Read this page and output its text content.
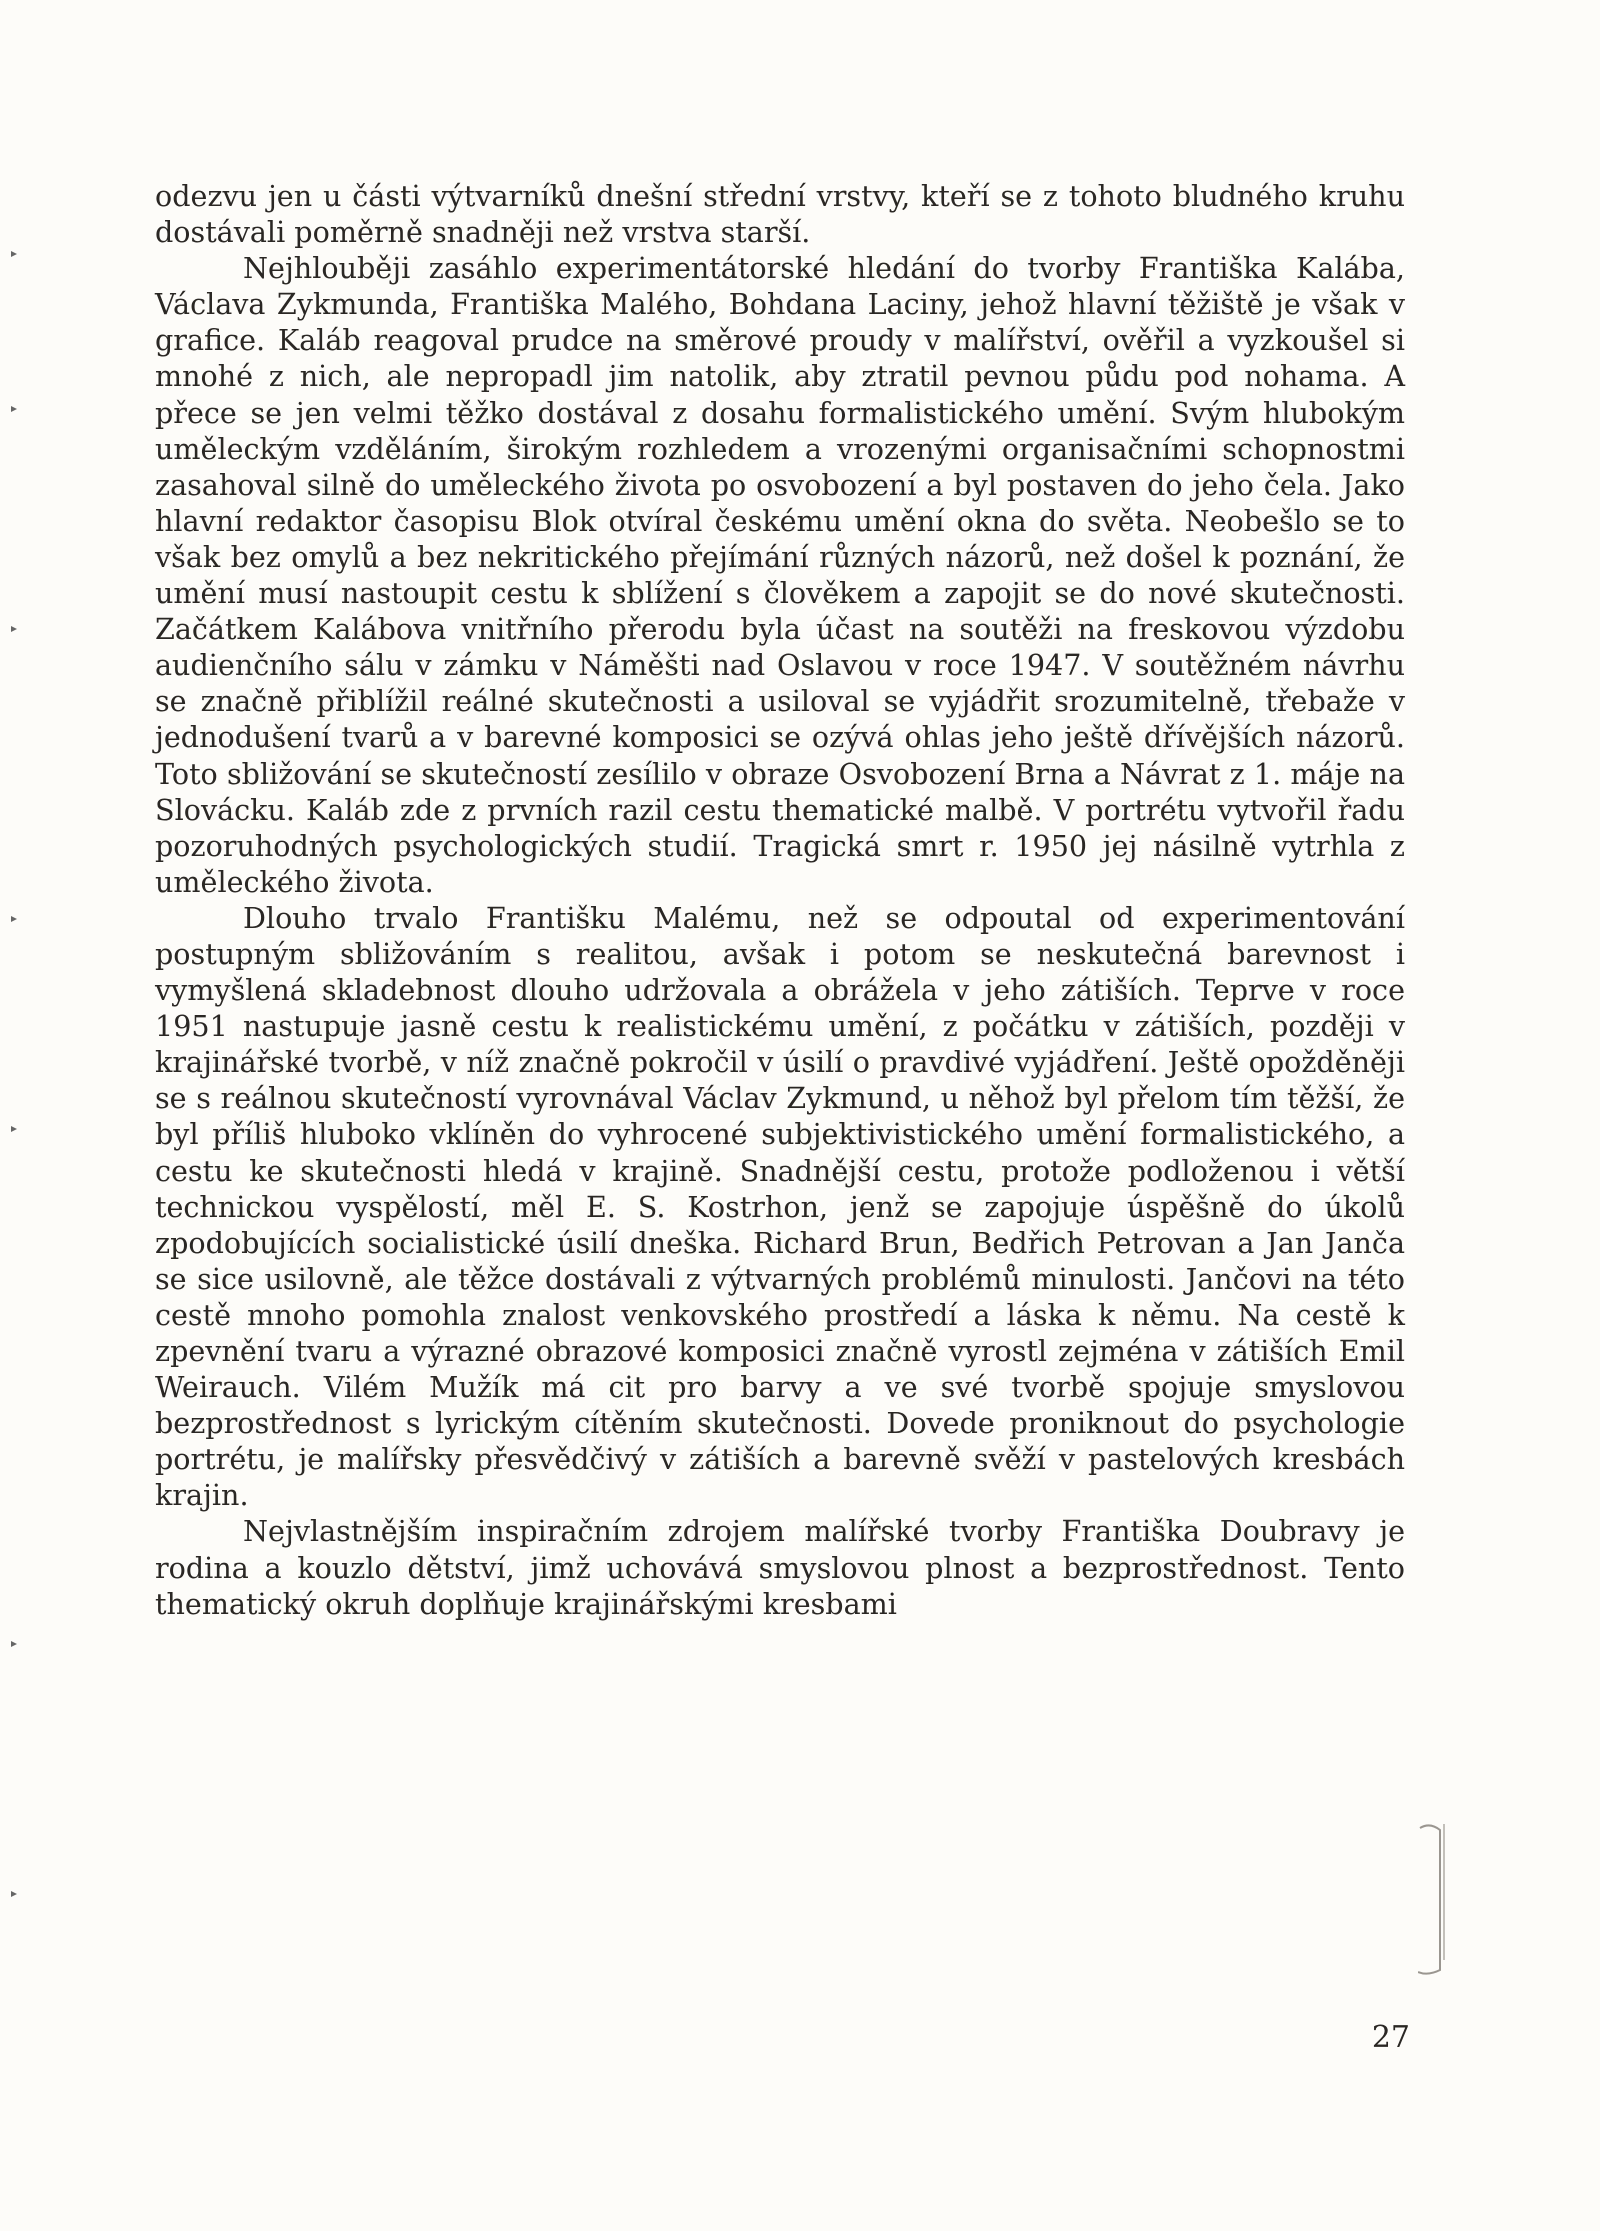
odezvu jen u části výtvarníků dnešní střední vrstvy, kteří se z tohoto bludného kruhu dostávali poměrně snadněji než vrstva starší.

Nejhlouběji zasáhlo experimentátorské hledání do tvorby Františka Kalába, Václava Zykmunda, Františka Malého, Bohdana Laciny, jehož hlavní těžiště je však v grafice. Kaláb reagoval prudce na směrové proudy v malířství, ověřil a vyzkoušel si mnohé z nich, ale nepropadl jim natolik, aby ztratil pevnou půdu pod nohama. A přece se jen velmi těžko dostával z dosahu formalistického umění. Svým hlubokým uměleckým vzděláním, širokým rozhledem a vrozenými organisačními schopnostmi zasahoval silně do uměleckého života po osvobození a byl postaven do jeho čela. Jako hlavní redaktor časopisu Blok otvíral českému umění okna do světa. Neobešlo se to však bez omylů a bez nekritického přejímání různých názorů, než došel k poznání, že umění musí nastoupit cestu k sblížení s člověkem a zapojit se do nové skutečnosti. Začátkem Kalábova vnitřního přerodu byla účast na soutěži na freskovou výzdobu audienčního sálu v zámku v Náměšti nad Oslavou v roce 1947. V soutěžném návrhu se značně přiblížil reálné skutečnosti a usiloval se vyjádřit srozumitelně, třebaže v jednodušení tvarů a v barevné komposici se ozývá ohlas jeho ještě dřívějších názorů. Toto sbližování se skutečností zesílilo v obraze Osvobození Brna a Návrat z 1. máje na Slovácku. Kaláb zde z prvních razil cestu thematické malbě. V portrétu vytvořil řadu pozoruhodných psychologických studií. Tragická smrt r. 1950 jej násilně vytrhla z uměleckého života.

Dlouho trvalo Františku Malému, než se odpoutal od experimentování postupným sbližováním s realitou, avšak i potom se neskutečná barevnost i vymyšlená skladebnost dlouho udržovala a obrážela v jeho zátiších. Teprve v roce 1951 nastupuje jasně cestu k realistickému umění, z počátku v zátiších, později v krajinářské tvorbě, v níž značně pokročil v úsilí o pravdivé vyjádření. Ještě opožděněji se s reálnou skutečností vyrovnával Václav Zykmund, u něhož byl přelom tím těžší, že byl příliš hluboko vklíněn do vyhrocené subjektivistického umění formalistického, a cestu ke skutečnosti hledá v krajině. Snadnější cestu, protože podloženou i větší technickou vyspělostí, měl E. S. Kostrhon, jenž se zapojuje úspěšně do úkolů zpodobujících socialistické úsilí dneška. Richard Brun, Bedřich Petrovan a Jan Janča se sice usilovně, ale těžce dostávali z výtvarných problémů minulosti. Jančovi na této cestě mnoho pomohla znalost venkovského prostředí a láska k němu. Na cestě k zpevnění tvaru a výrazné obrazové komposici značně vyrostl zejména v zátiších Emil Weirauch. Vilém Mužík má cit pro barvy a ve své tvorbě spojuje smyslovou bezprostřednost s lyrickým cítěním skutečnosti. Dovede proniknout do psychologie portrétu, je malířsky přesvědčivý v zátiších a barevně svěží v pastelových kresbách krajin.

Nejvlastnějším inspiračním zdrojem malířské tvorby Františka Doubravy je rodina a kouzlo dětství, jimž uchovává smyslovou plnost a bezprostřednost. Tento thematický okruh doplňuje krajinářskými kresbami

27
